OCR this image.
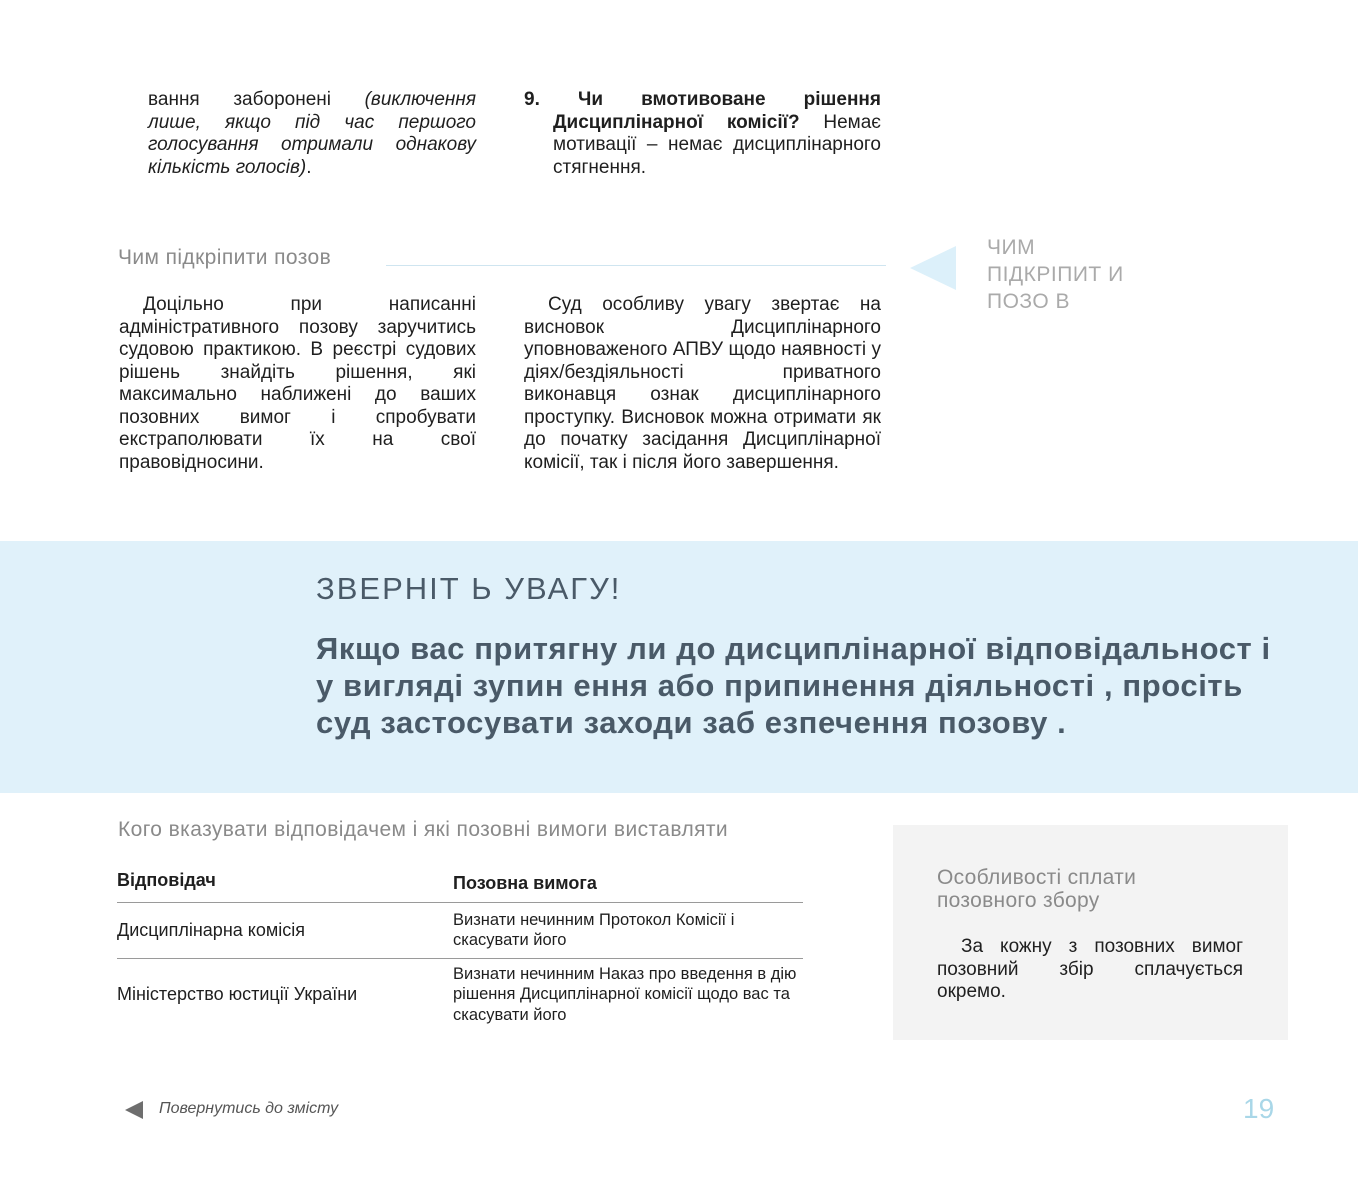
вання заборонені (виключення лише, якщо під час першого голосування отримали однакову кількість голосів).

9. Чи вмотивоване рішення Дисциплінарної комісії? Немає мотивації – немає дисциплінарного стягнення.

Чим підкріпити позов	ЧИМ
ПІДКРІПИТ И
ПОЗО В

Доцільно при написанні адміністративного позову заручитись судовою практикою. В реєстрі судових рішень знайдіть рішення, які максимально наближені до ваших позовних вимог і спробувати екстраполювати їх на свої правовідносини.

Суд особливу увагу звертає на висновок Дисциплінарного уповноваженого АПВУ щодо наявності у діях/бездіяльності приватного виконавця ознак дисциплінарного проступку. Висновок можна отримати як до початку засідання Дисциплінарної комісії, так і після його завершення.

ЗВЕРНІТ Ь УВАГУ!
Якщо вас притягну ли до дисциплінарної відповідальност і
у вигляді зупин ення або припинення діяльності , просіть
суд застосувати заходи заб езпечення позову .
Кого вказувати відповідачем і які позовні вимоги виставляти
Відповідач	Позовна вимога
Дисциплінарна комісія	Визнати нечинним Протокол Комісії і скасувати його
Міністерство юстиції України	Визнати нечинним Наказ про введення в дію рішення Дисциплінарної комісії щодо вас та скасувати його
Особливості сплати
позовного збору

За кожну з позовних вимог позовний збір сплачується окремо.

Повернутись до змісту	19
